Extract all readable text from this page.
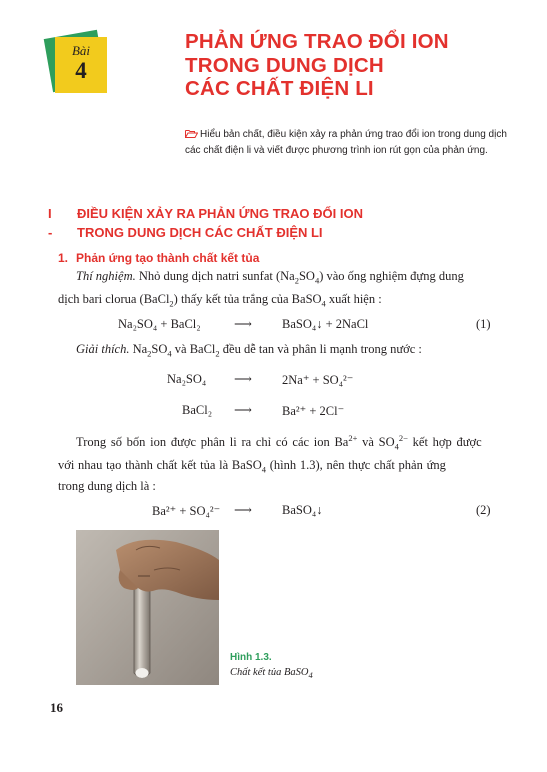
Bài
4
PHẢN ỨNG TRAO ĐỔI ION
TRONG DUNG DỊCH
CÁC CHẤT ĐIỆN LI
Hiểu bản chất, điều kiện xảy ra phản ứng trao đổi ion trong dung dịch các chất điện li và viết được phương trình ion rút gọn của phản ứng.
I -
ĐIỀU KIỆN XẢY RA PHẢN ỨNG TRAO ĐỔI ION
TRONG DUNG DỊCH CÁC CHẤT ĐIỆN LI
1. Phản ứng tạo thành chất kết tủa
Thí nghiệm. Nhỏ dung dịch natri sunfat $(Na_2SO_4)$ vào ống nghiệm đựng dung
dịch bari clorua (BaCl$_2$) thấy kết tủa trắng của BaSO$_4$ xuất hiện :
Na₂SO₄ + BaCl₂	⟶ BaSO₄↓ + 2NaCl	(1)
Giải thích. $Na_2SO_4$ và BaCl$_2$ đều dễ tan và phân li mạnh trong nước :
Na₂SO₄ ⟶ 2Na⁺ + SO₄²⁻
BaCl₂ ⟶ Ba²⁺ + 2Cl⁻
Trong số bốn ion được phân li ra chỉ có các ion $Ba^{2+}$ và $SO_4^{2-}$ kết hợp được
với nhau tạo thành chất kết tủa là BaSO$_4$ (hình 1.3), nên thực chất phản ứng
trong dung dịch là :
Ba²⁺ + SO₄²⁻ ⟶ BaSO₄↓	(2)
Hình 1.3.
Chất kết tủa BaSO$_4$
16
